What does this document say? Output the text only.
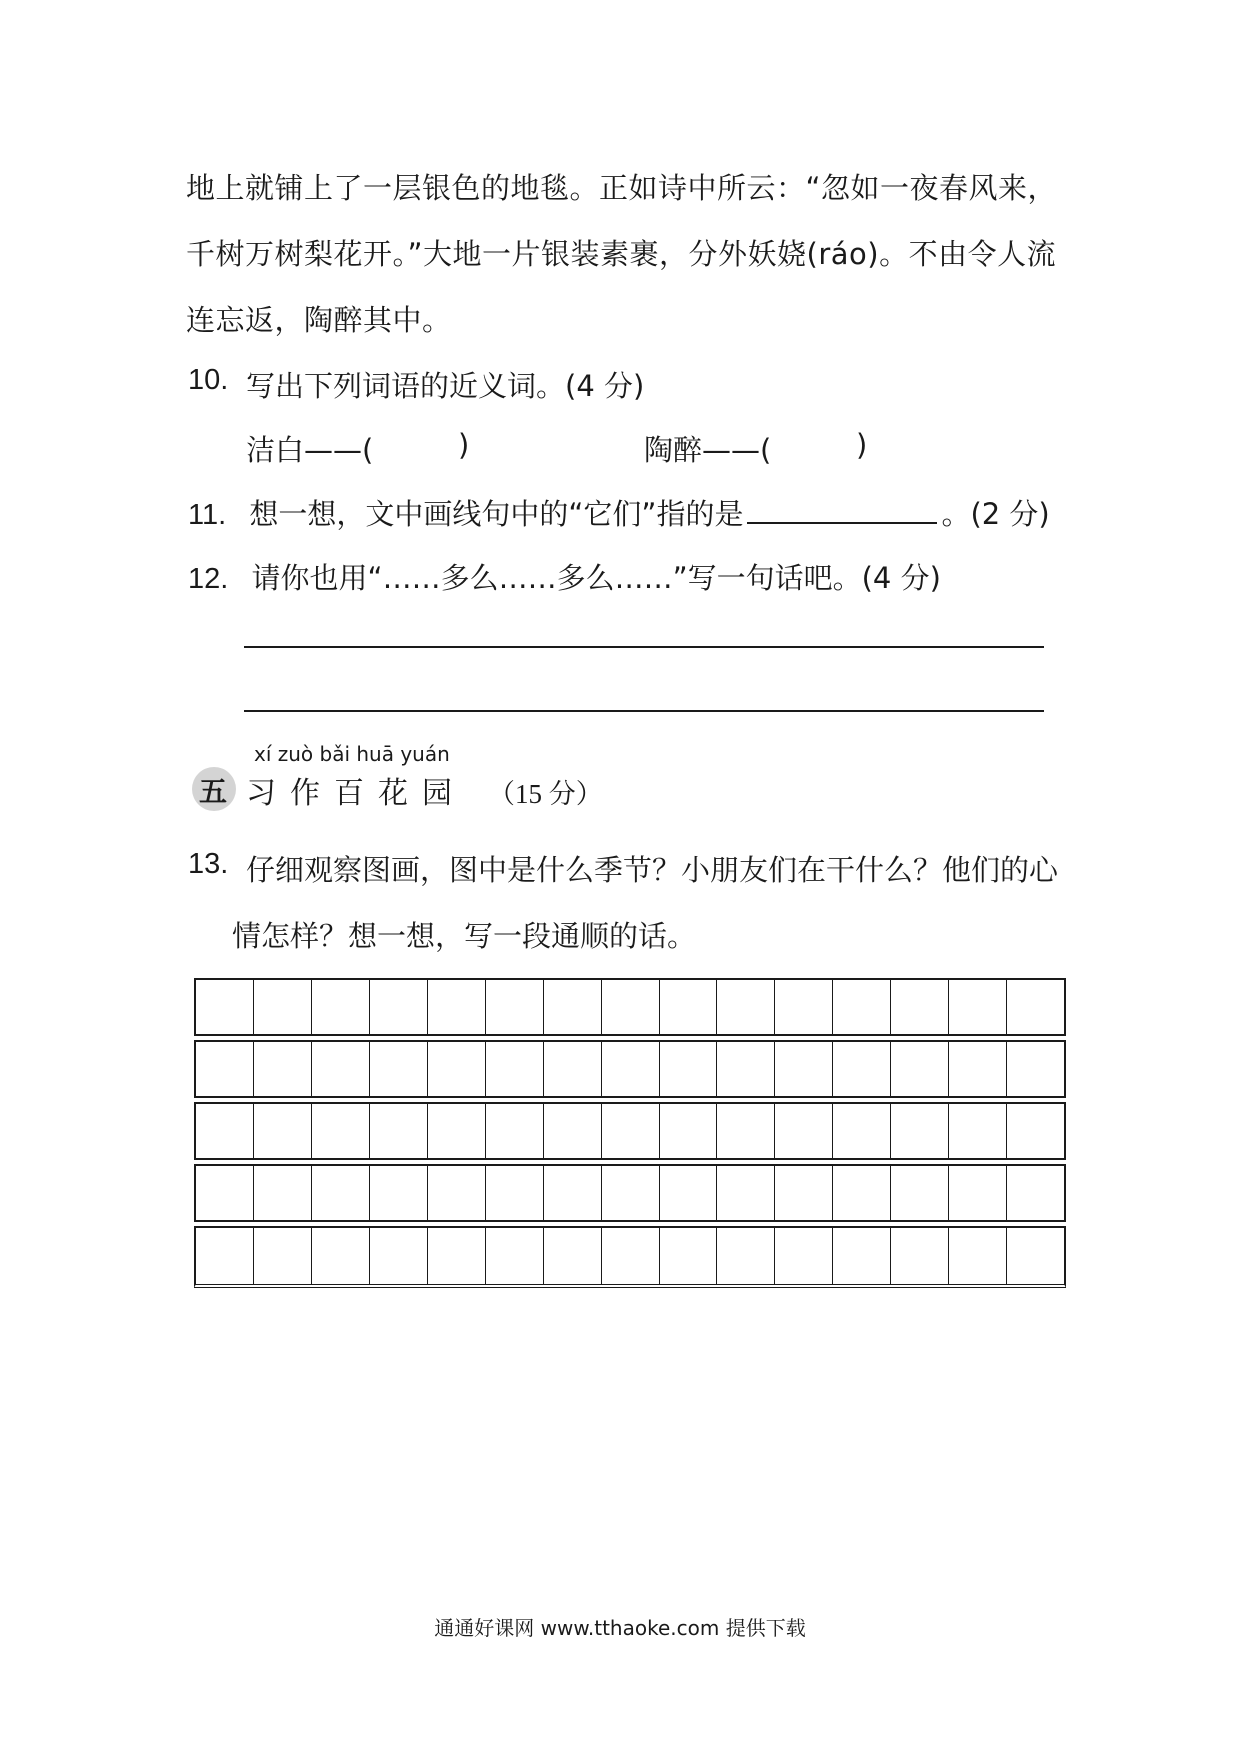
地上就铺上了一层银色的地毯。正如诗中所云：“忽如一夜春风来，
千树万树梨花开。”大地一片银装素裹，分外妖娆(ráo)。不由令人流
连忘返，陶醉其中。
10. 写出下列词语的近义词。(4 分)
洁白——(	)	陶醉——(	)
11. 想一想，文中画线句中的“它们”指的是	。(2 分)
12. 请你也用“……多么……多么……”写一句话吧。(4 分)
xí zuò bǎi huā yuán
五 习作百花园 （15 分）
13. 仔细观察图画，图中是什么季节？小朋友们在干什么？他们的心
情怎样？想一想，写一段通顺的话。
通通好课网 www.tthaoke.com 提供下载
